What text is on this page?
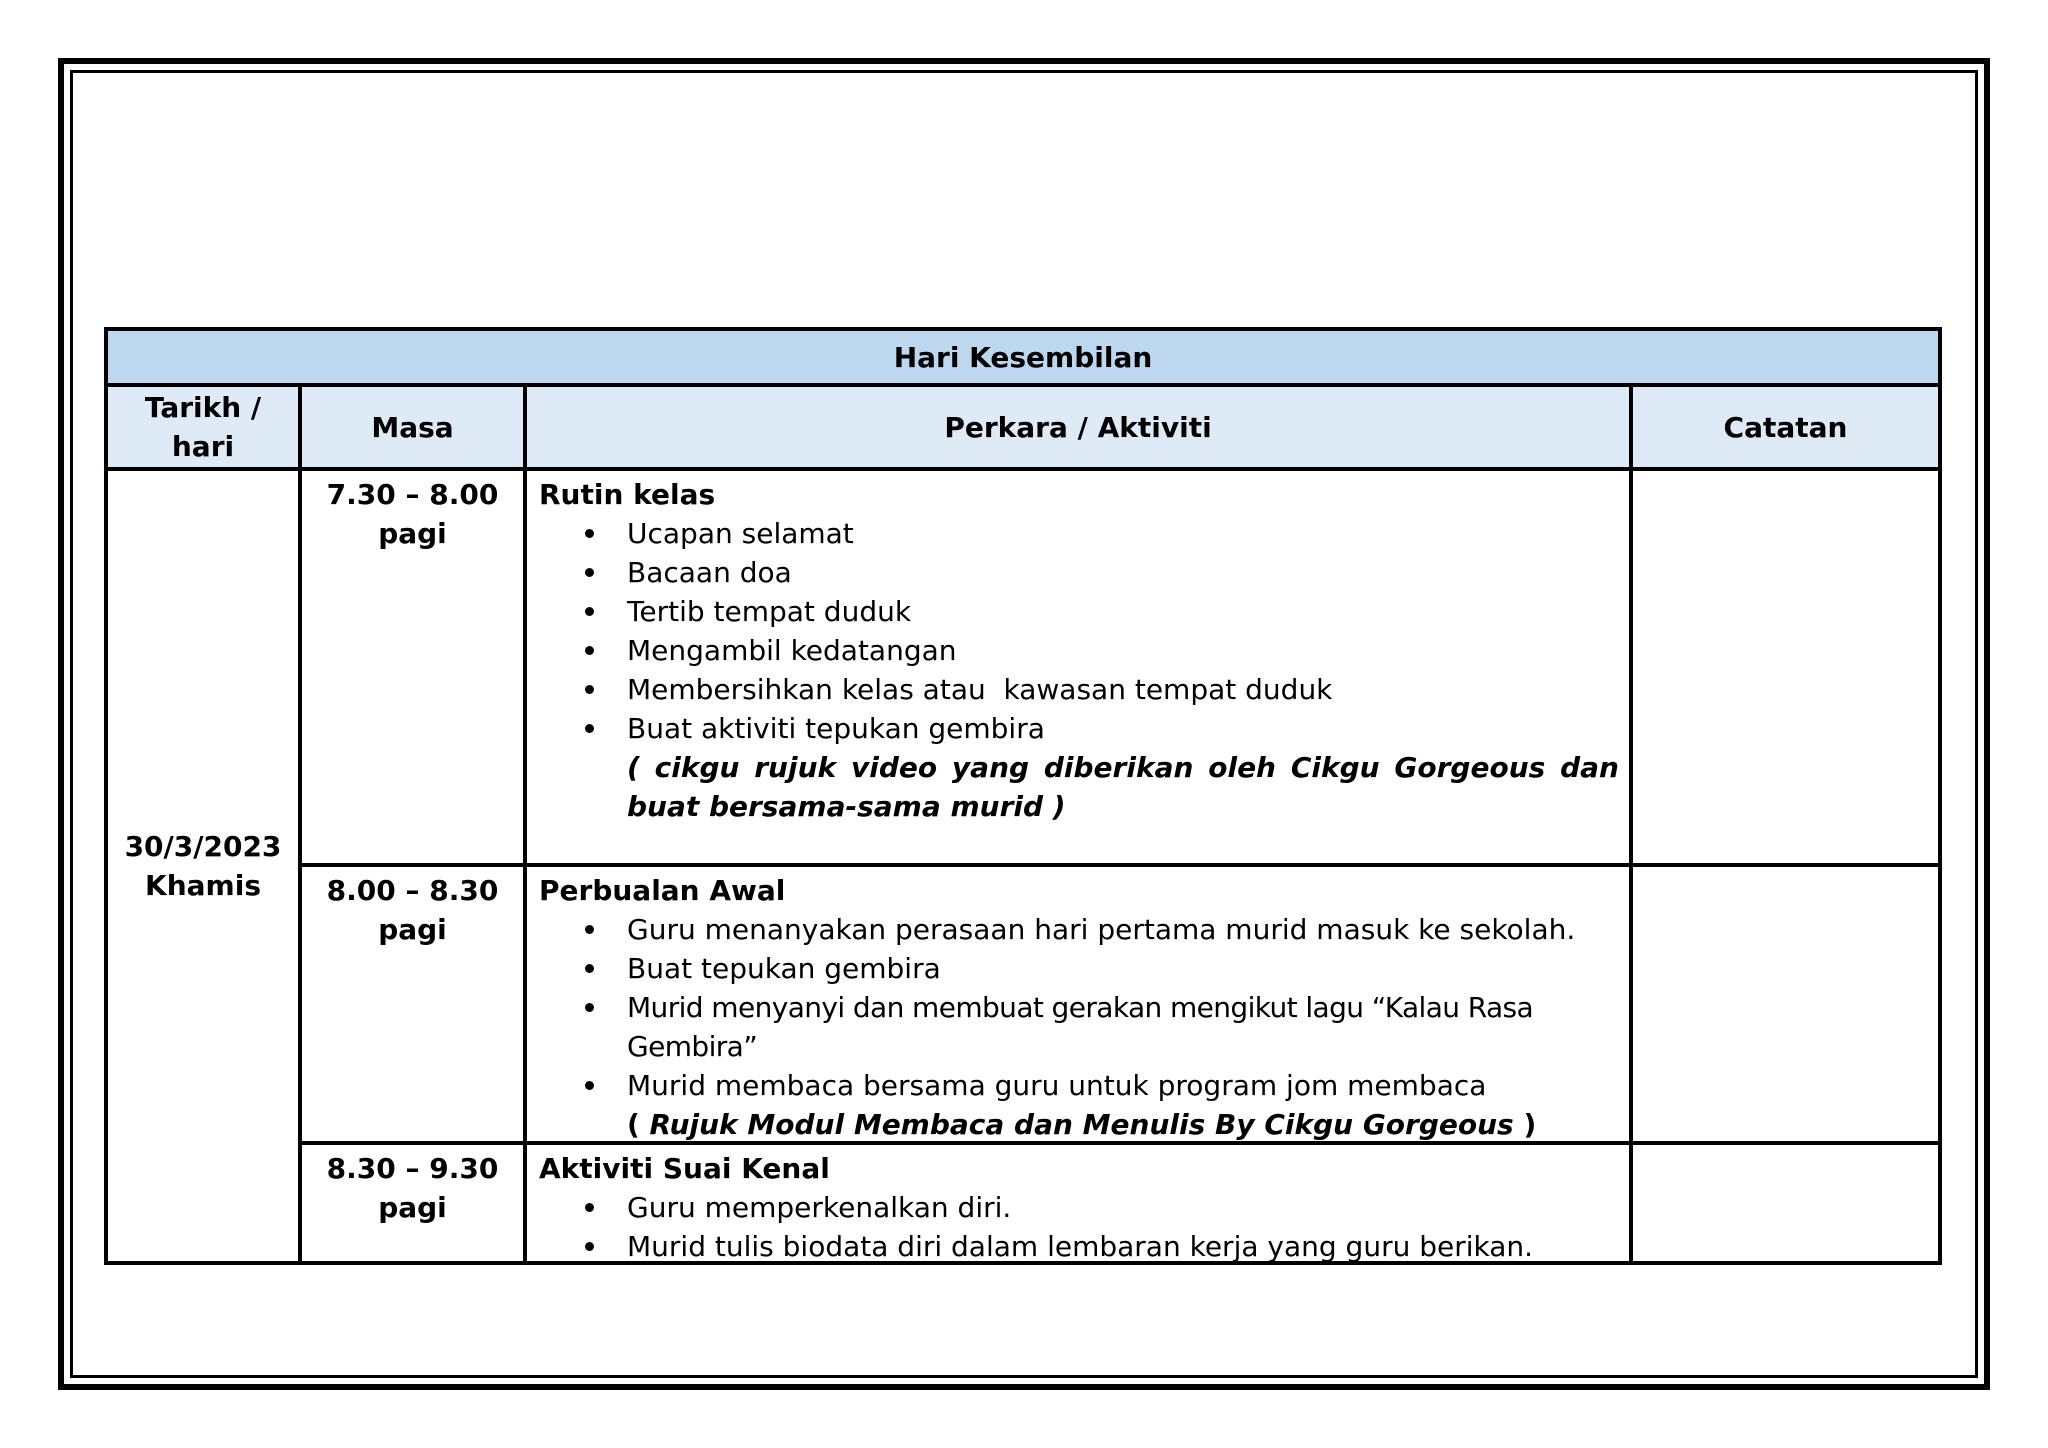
Hari Kesembilan
Tarikh / hari
Masa	Perkara / Aktiviti	Catatan
30/3/2023
Khamis
7.30 – 8.00
pagi
Rutin kelas
Ucapan selamat
Bacaan doa
Tertib tempat duduk
Mengambil kedatangan
Membersihkan kelas atau  kawasan tempat duduk
Buat aktiviti tepukan gembira
( cikgu rujuk video yang diberikan oleh Cikgu Gorgeous dan buat bersama-sama murid )
8.00 – 8.30
pagi
Perbualan Awal
Guru menanyakan perasaan hari pertama murid masuk ke sekolah.
Buat tepukan gembira
Murid menyanyi dan membuat gerakan mengikut lagu “Kalau Rasa Gembira”
Murid membaca bersama guru untuk program jom membaca
( Rujuk Modul Membaca dan Menulis By Cikgu Gorgeous )
8.30 – 9.30
pagi
Aktiviti Suai Kenal
Guru memperkenalkan diri.
Murid tulis biodata diri dalam lembaran kerja yang guru berikan.
